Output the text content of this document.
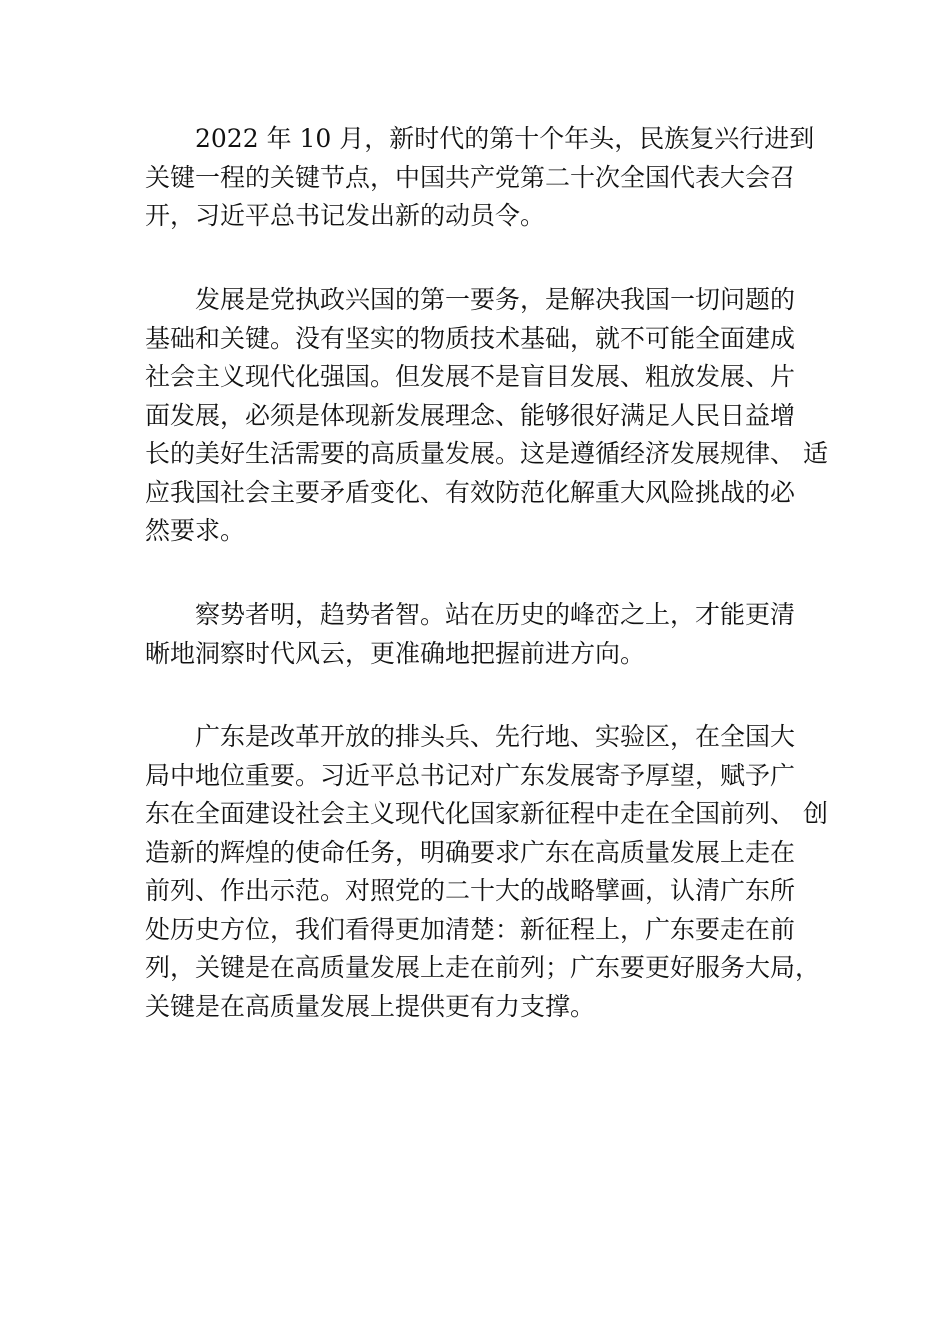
2022 年 10 月，新时代的第十个年头，民族复兴行进到
关键一程的关键节点，中国共产党第二十次全国代表大会召
开，习近平总书记发出新的动员令。
发展是党执政兴国的第一要务，是解决我国一切问题的
基础和关键。没有坚实的物质技术基础，就不可能全面建成
社会主义现代化强国。但发展不是盲目发展、粗放发展、片
面发展，必须是体现新发展理念、能够很好满足人民日益增
长的美好生活需要的高质量发展。这是遵循经济发展规律、 适
应我国社会主要矛盾变化、有效防范化解重大风险挑战的必
然要求。
察势者明，趋势者智。站在历史的峰峦之上，才能更清
晰地洞察时代风云，更准确地把握前进方向。
广东是改革开放的排头兵、先行地、实验区，在全国大
局中地位重要。习近平总书记对广东发展寄予厚望，赋予广
东在全面建设社会主义现代化国家新征程中走在全国前列、 创
造新的辉煌的使命任务，明确要求广东在高质量发展上走在
前列、作出示范。对照党的二十大的战略擘画，认清广东所
处历史方位，我们看得更加清楚：新征程上，广东要走在前
列，关键是在高质量发展上走在前列；广东要更好服务大局，
关键是在高质量发展上提供更有力支撑。
